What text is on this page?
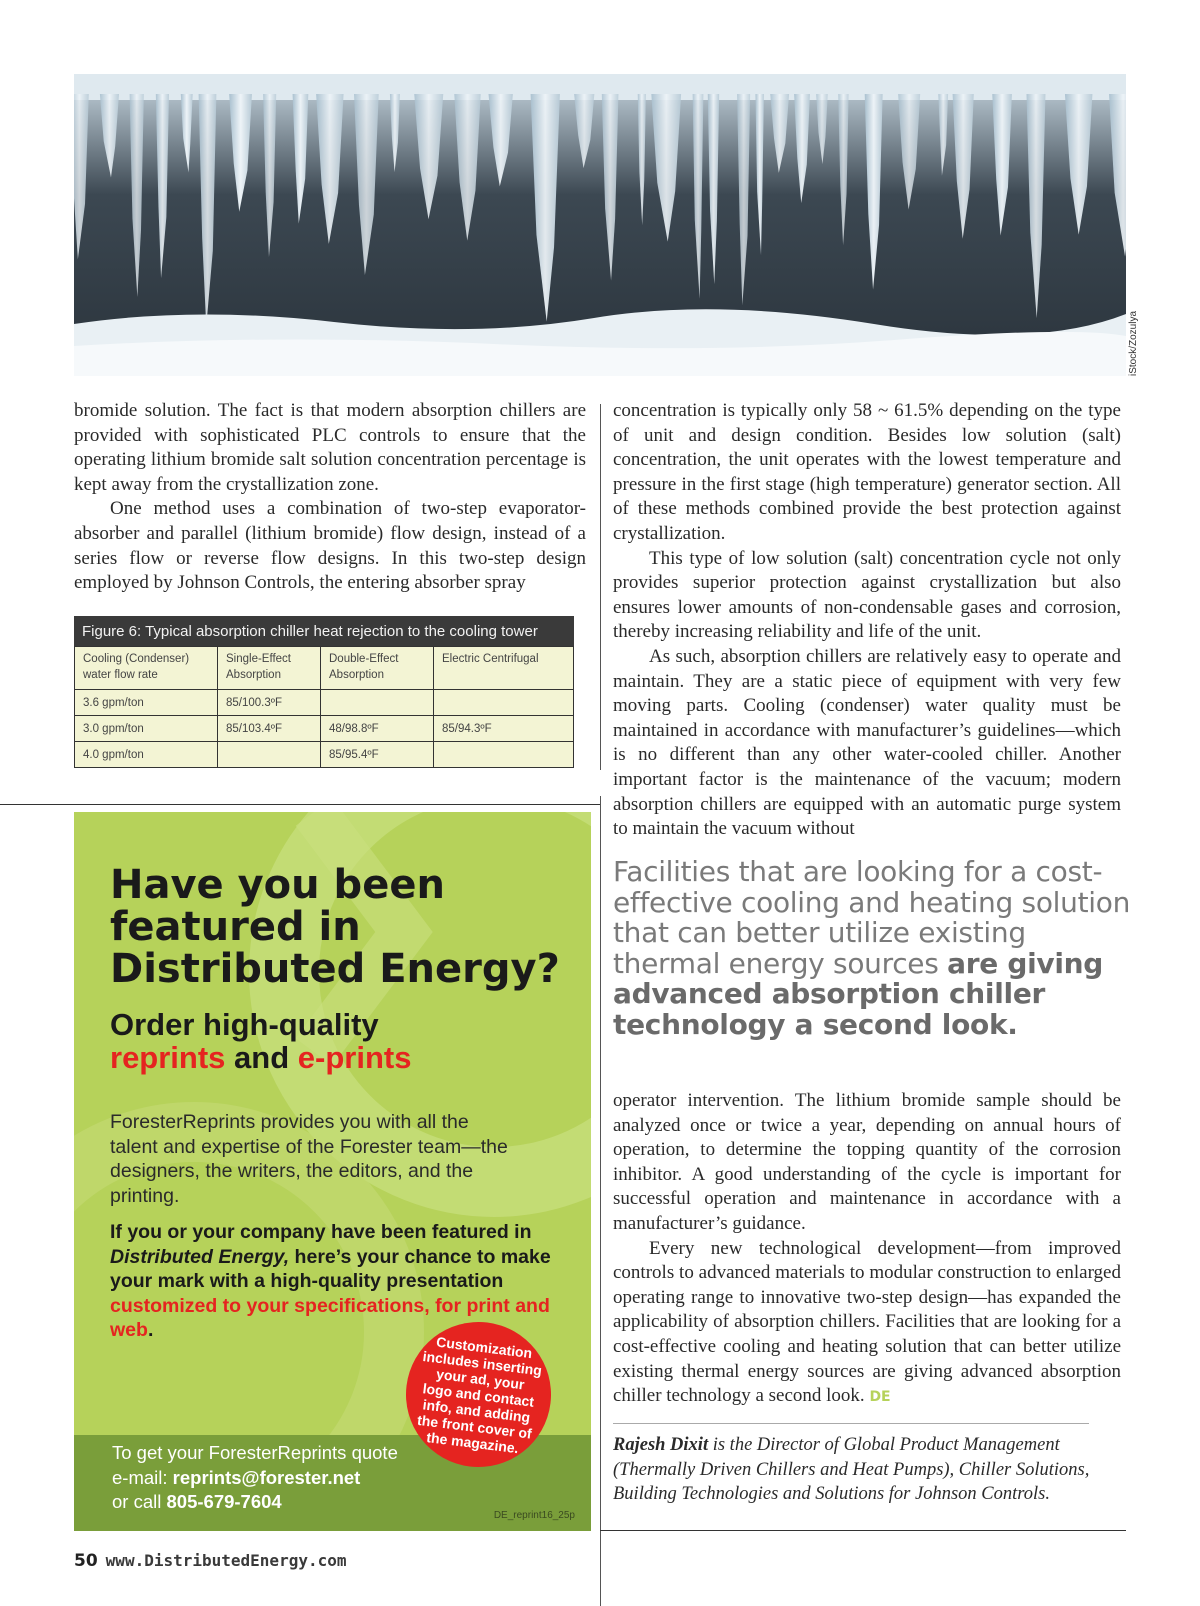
iStock/Zozulya

bromide solution. The fact is that modern absorption chillers are provided with sophisticated PLC controls to ensure that the operating lithium bromide salt solution concentration percentage is kept away from the crystallization zone.

One method uses a combination of two-step evaporator-absorber and parallel (lithium bromide) flow design, instead of a series flow or reverse flow designs. In this two-step design employed by Johnson Controls, the entering absorber spray

Figure 6: Typical absorption chiller heat rejection to the cooling tower
Cooling (Condenser) water flow rate	Single-Effect Absorption	Double-Effect Absorption	Electric Centrifugal
3.6 gpm/ton	85/100.3ºF		
3.0 gpm/ton	85/103.4ºF	48/98.8ºF	85/94.3ºF
4.0 gpm/ton		85/95.4ºF	

concentration is typically only 58 ~ 61.5% depending on the type of unit and design condition. Besides low solution (salt) concentration, the unit operates with the lowest temperature and pressure in the first stage (high temperature) generator section. All of these methods combined provide the best protection against crystallization.

This type of low solution (salt) concentration cycle not only provides superior protection against crystallization but also ensures lower amounts of non-condensable gases and corrosion, thereby increasing reliability and life of the unit.

As such, absorption chillers are relatively easy to operate and maintain. They are a static piece of equipment with very few moving parts. Cooling (condenser) water quality must be maintained in accordance with manufacturer’s guidelines—which is no different than any other water-cooled chiller. Another important factor is the maintenance of the vacuum; modern absorption chillers are equipped with an automatic purge system to maintain the vacuum without

Facilities that are looking for a cost-effective cooling and heating solution that can better utilize existing thermal energy sources are giving advanced absorption chiller technology a second look.

operator intervention. The lithium bromide sample should be analyzed once or twice a year, depending on annual hours of operation, to determine the topping quantity of the corrosion inhibitor. A good understanding of the cycle is important for successful operation and maintenance in accordance with a manufacturer’s guidance.

Every new technological development—from improved controls to advanced materials to modular construction to enlarged operating range to innovative two-step design—has expanded the applicability of absorption chillers. Facilities that are looking for a cost-effective cooling and heating solution that can better utilize existing thermal energy sources are giving advanced absorption chiller technology a second look. DE

Rajesh Dixit is the Director of Global Product Management (Thermally Driven Chillers and Heat Pumps), Chiller Solutions, Building Technologies and Solutions for Johnson Controls.
Have you been featured in Distributed Energy?
Order high-quality
reprints and e-prints
ForesterReprints provides you with all the talent and expertise of the Forester team—the designers, the writers, the editors, and the printing.
If you or your company have been featured in Distributed Energy, here’s your chance to make your mark with a high-quality presentation customized to your specifications, for print and web.
Customization includes inserting your ad, your logo and contact info, and adding the front cover of the magazine.
To get your ForesterReprints quote
e-mail: reprints@forester.net
or call 805-679-7604
DE_reprint16_25p
50 www.DistributedEnergy.com
